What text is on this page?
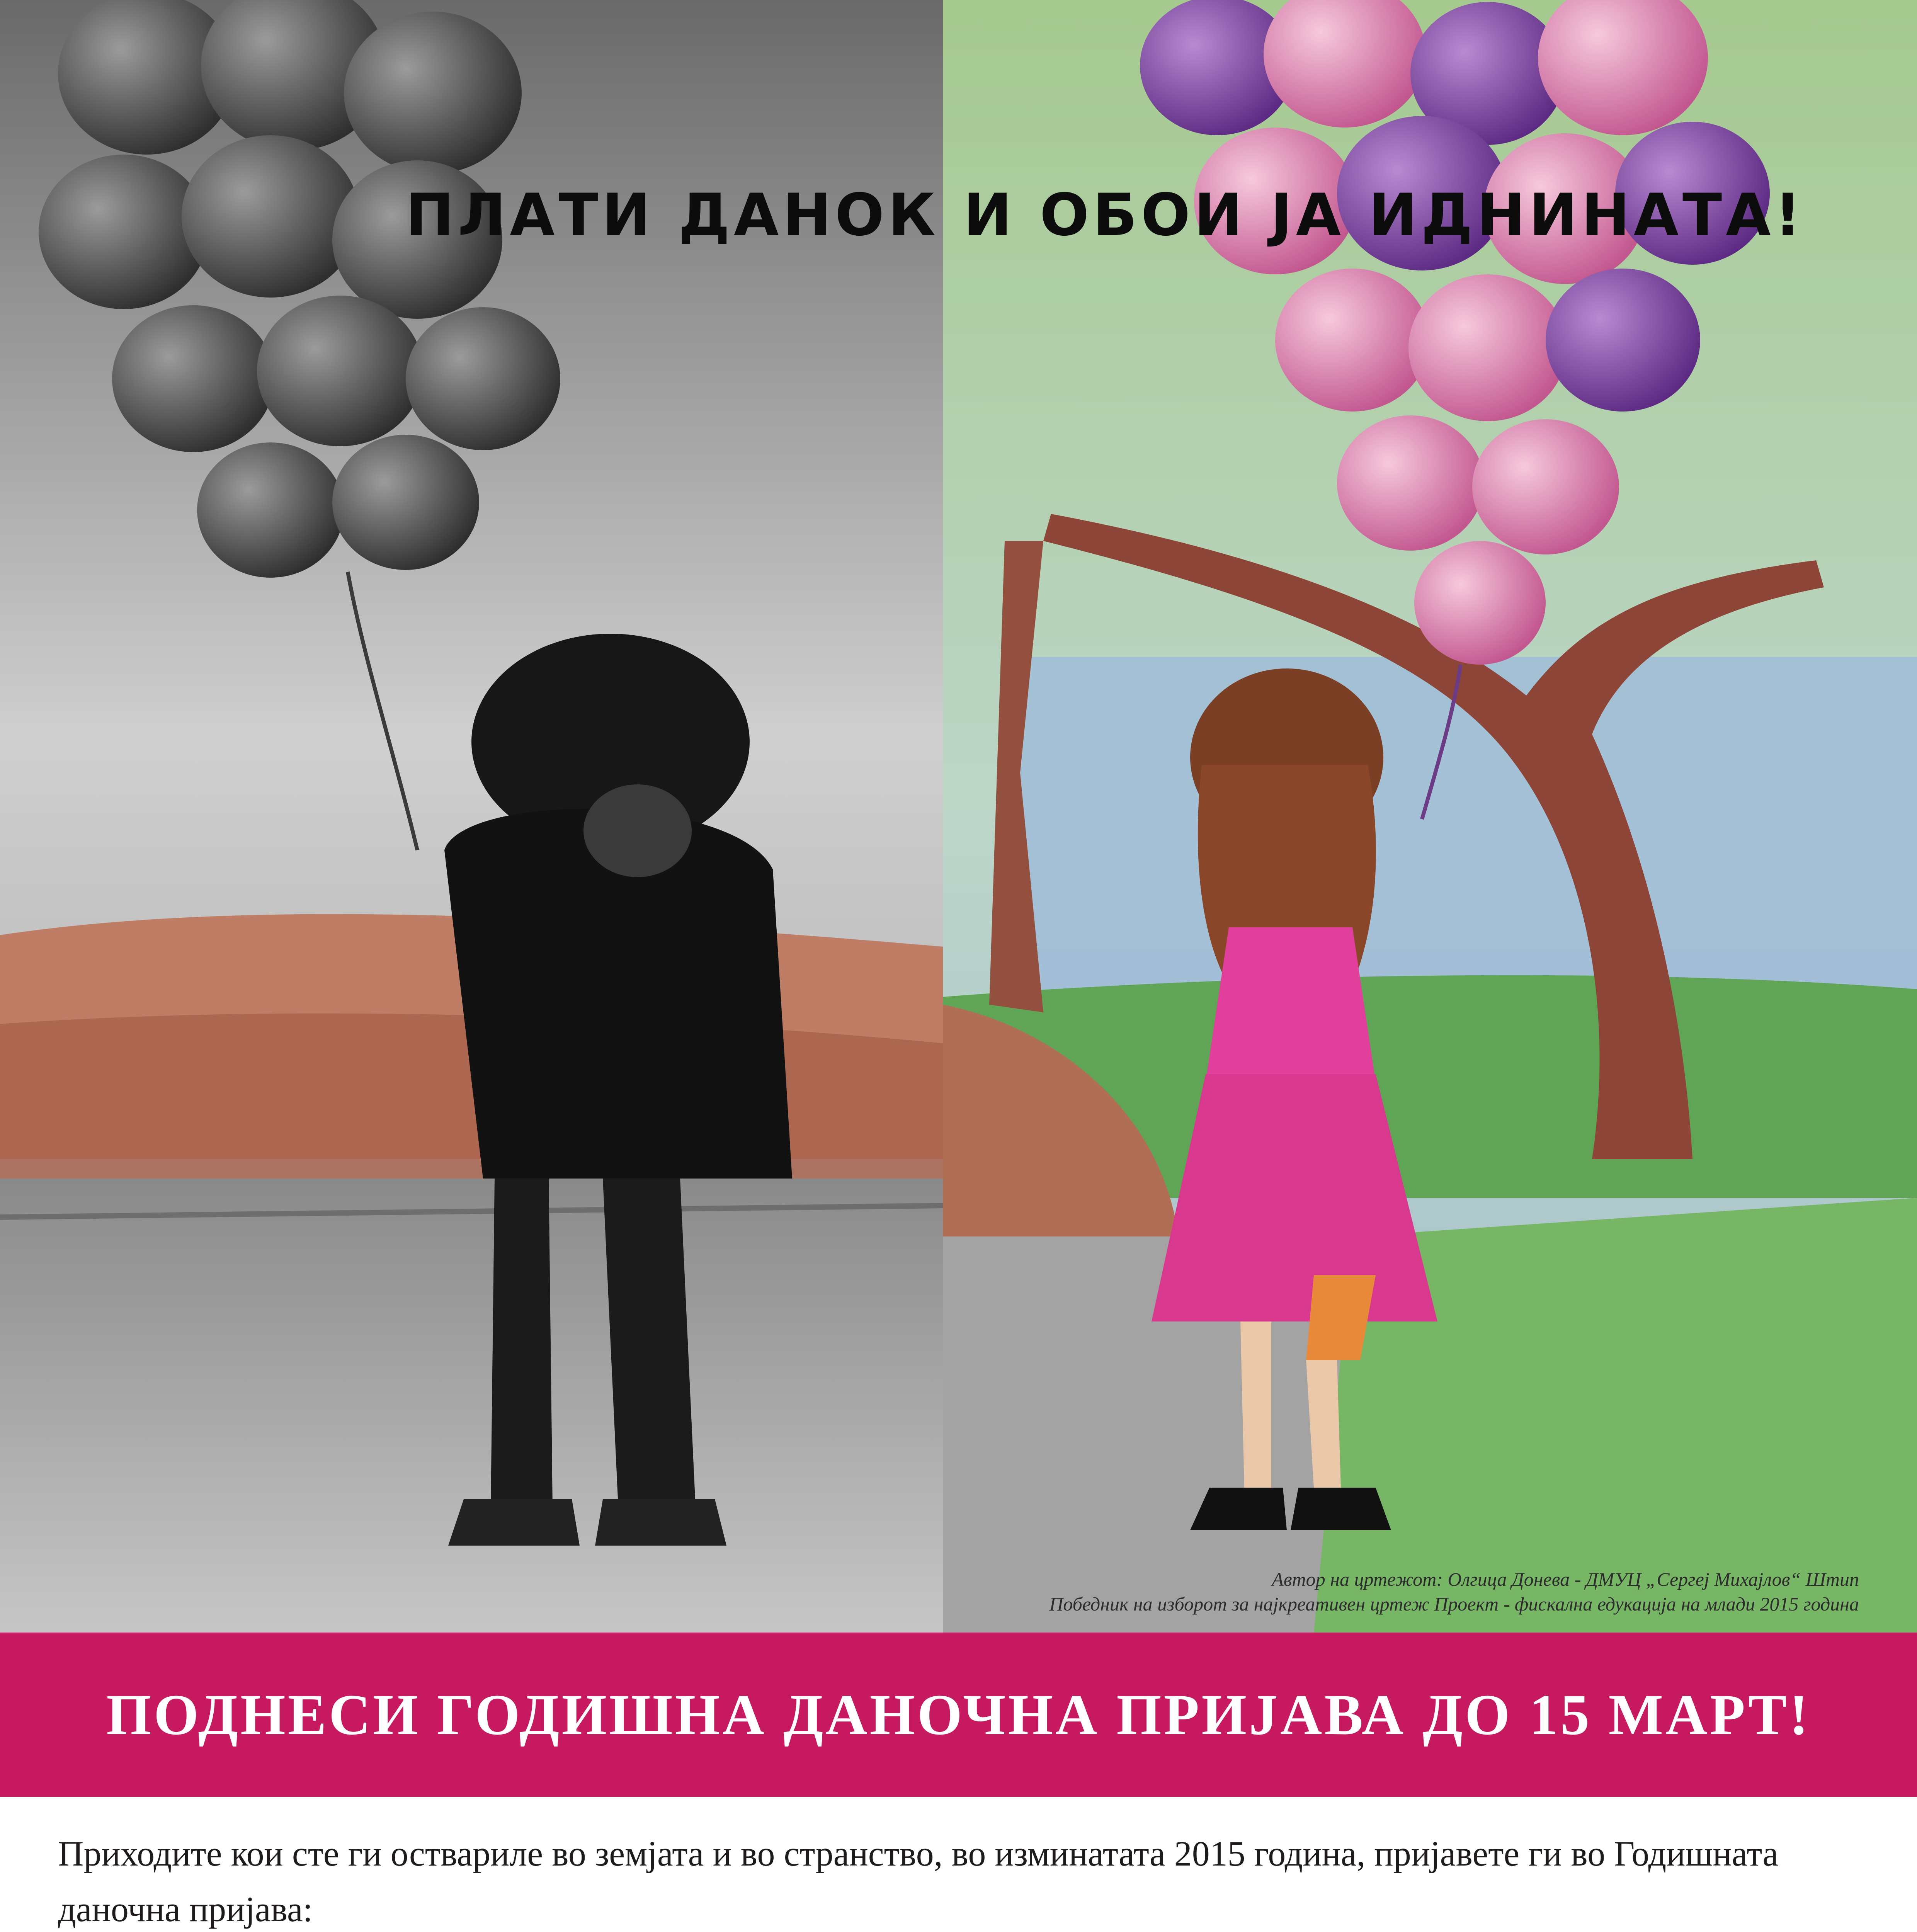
ПЛАТИ ДАНОК И ОБОИ ЈА ИДНИНАТА!
Автор на цртежот: Олгица Донева - ДМУЦ „Сергеј Михајлов“ Штип
Победник на изборот за најкреативен цртеж Проект - фискална едукација на млади 2015 година
ПОДНЕСИ ГОДИШНА ДАНОЧНА ПРИЈАВА ДО 15 МАРТ!

Приходите кои сте ги оствариле во земјата и во странство, во изминатата 2015 година, пријавете ги во Годишната даночна пријава:
